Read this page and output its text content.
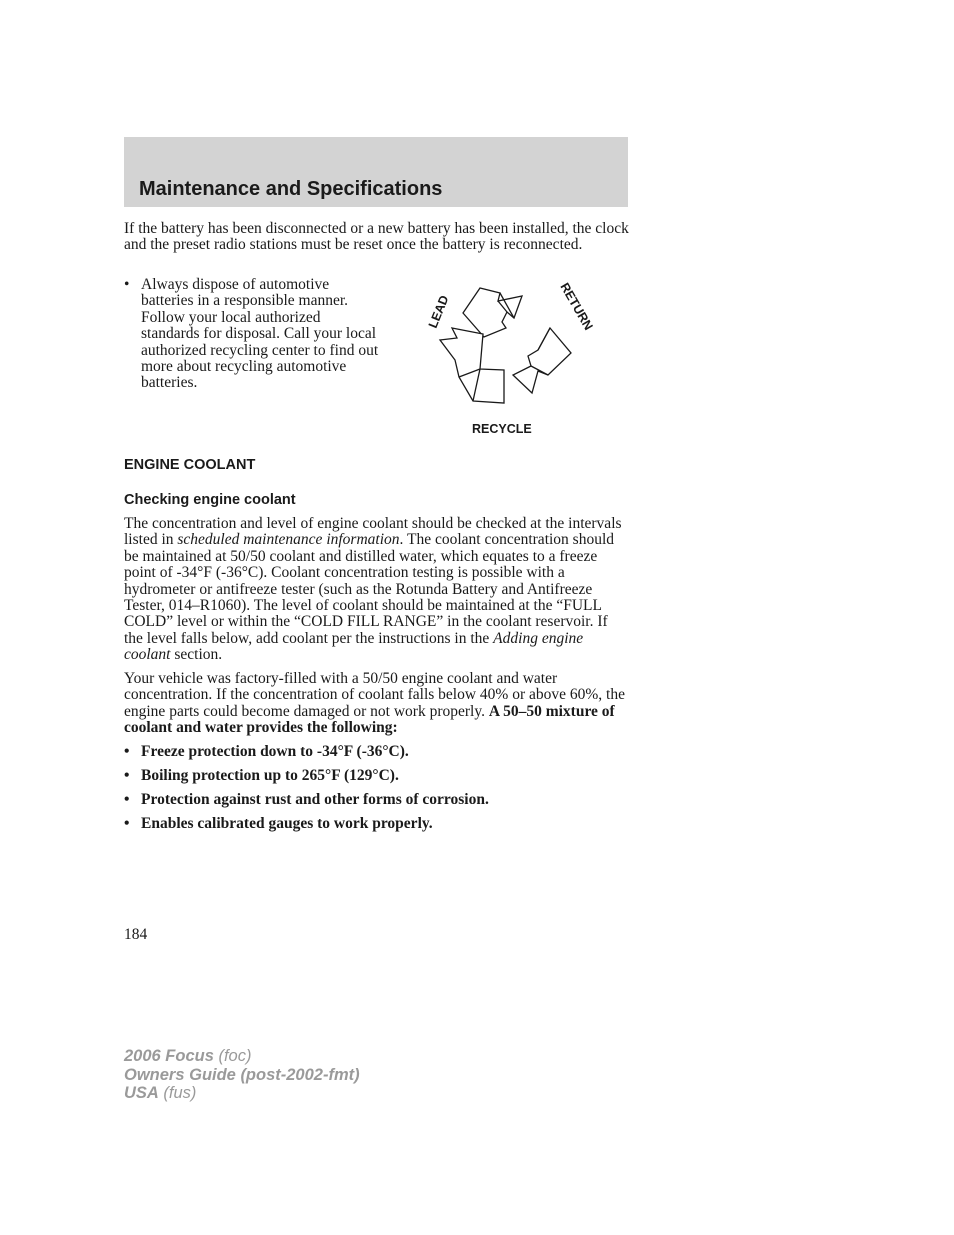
Maintenance and Specifications

If the battery has been disconnected or a new battery has been installed, the clock and the preset radio stations must be reset once the battery is reconnected.

• Always dispose of automotive batteries in a responsible manner. Follow your local authorized standards for disposal. Call your local authorized recycling center to find out more about recycling automotive batteries.
LEAD	RETURN
RECYCLE
ENGINE COOLANT
Checking engine coolant

The concentration and level of engine coolant should be checked at the intervals listed in scheduled maintenance information. The coolant concentration should be maintained at 50/50 coolant and distilled water, which equates to a freeze point of -34°F (-36°C). Coolant concentration testing is possible with a hydrometer or antifreeze tester (such as the Rotunda Battery and Antifreeze Tester, 014–R1060). The level of coolant should be maintained at the “FULL COLD” level or within the “COLD FILL RANGE” in the coolant reservoir. If the level falls below, add coolant per the instructions in the Adding engine coolant section.

Your vehicle was factory-filled with a 50/50 engine coolant and water concentration. If the concentration of coolant falls below 40% or above 60%, the engine parts could become damaged or not work properly. A 50–50 mixture of coolant and water provides the following:

• Freeze protection down to -34°F (-36°C).
• Boiling protection up to 265°F (129°C).
• Protection against rust and other forms of corrosion.
• Enables calibrated gauges to work properly.
184
2006 Focus (foc)
Owners Guide (post-2002-fmt)
USA (fus)
